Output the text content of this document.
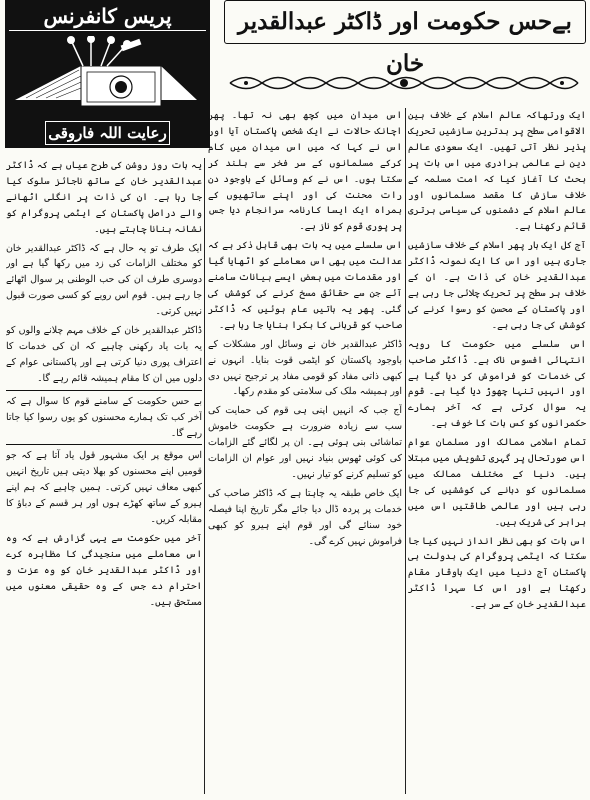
پریس کانفرنس
رعایت اللہ فاروقی
بےحس حکومت اور ڈاکٹر عبدالقدیر خان

ایک ورتھاکہ عالم اسلام کے خلاف بین الاقوامی سطح پر بدترین سازشیں تحریک پذیر نظر آتی تھیں۔ ایک سعودی عالم دین نے عالمی برادری میں اس بات پر بحث کا آغاز کیا کہ امت مسلمہ کے خلاف سازش کا مقصد مسلمانوں اور عالم اسلام کے دشمنوں کی سیاسی برتری قائم رکھنا ہے۔

آج کل ایک بار پھر اسلام کے خلاف سازشیں جاری ہیں اور اس کا ایک نمونہ ڈاکٹر عبدالقدیر خان کی ذات ہے۔ ان کے خلاف ہر سطح پر تحریک چلائی جا رہی ہے اور پاکستان کے محسن کو رسوا کرنے کی کوشش کی جا رہی ہے۔

اس سلسلے میں حکومت کا رویہ انتہائی افسوس ناک ہے۔ ڈاکٹر صاحب کی خدمات کو فراموش کر دیا گیا ہے اور انہیں تنہا چھوڑ دیا گیا ہے۔ قوم یہ سوال کرتی ہے کہ آخر ہمارے حکمرانوں کو کس بات کا خوف ہے۔

تمام اسلامی ممالک اور مسلمان عوام اس صورتحال پر گہری تشویش میں مبتلا ہیں۔ دنیا کے مختلف ممالک میں مسلمانوں کو دبانے کی کوششیں کی جا رہی ہیں اور عالمی طاقتیں اس میں برابر کی شریک ہیں۔

اس بات کو بھی نظر انداز نہیں کیا جا سکتا کہ ایٹمی پروگرام کی بدولت ہی پاکستان آج دنیا میں ایک باوقار مقام رکھتا ہے اور اس کا سہرا ڈاکٹر عبدالقدیر خان کے سر ہے۔

اس میدان میں کچھ بھی نہ تھا۔ پھر اچانک حالات نے ایک شخص پاکستان آیا اور اس نے کہا کہ میں اس میدان میں کام کرکے مسلمانوں کے سر فخر سے بلند کر سکتا ہوں۔ اس نے کم وسائل کے باوجود دن رات محنت کی اور اپنے ساتھیوں کے ہمراہ ایک ایسا کارنامہ سرانجام دیا جس پر پوری قوم کو ناز ہے۔

اس سلسلے میں یہ بات بھی قابل ذکر ہے کہ عدالت میں بھی اس معاملے کو اٹھایا گیا اور مقدمات میں بعض ایسے بیانات سامنے آئے جن سے حقائق مسخ کرنے کی کوشش کی گئی۔ پھر یہ باتیں عام ہوئیں کہ ڈاکٹر صاحب کو قربانی کا بکرا بنایا جا رہا ہے۔

ڈاکٹر عبدالقدیر خان نے وسائل اور مشکلات کے باوجود پاکستان کو ایٹمی قوت بنایا۔ انہوں نے کبھی ذاتی مفاد کو قومی مفاد پر ترجیح نہیں دی اور ہمیشہ ملک کی سلامتی کو مقدم رکھا۔

آج جب کہ انہیں اپنی ہی قوم کی حمایت کی سب سے زیادہ ضرورت ہے حکومت خاموش تماشائی بنی ہوئی ہے۔ ان پر لگائے گئے الزامات کی کوئی ٹھوس بنیاد نہیں اور عوام ان الزامات کو تسلیم کرنے کو تیار نہیں۔

ایک خاص طبقہ یہ چاہتا ہے کہ ڈاکٹر صاحب کی خدمات پر پردہ ڈال دیا جائے مگر تاریخ اپنا فیصلہ خود سنائے گی اور قوم اپنے ہیرو کو کبھی فراموش نہیں کرے گی۔

یہ بات روز روشن کی طرح عیاں ہے کہ ڈاکٹر عبدالقدیر خان کے ساتھ ناجائز سلوک کیا جا رہا ہے۔ ان کی ذات پر انگلی اٹھانے والے دراصل پاکستان کے ایٹمی پروگرام کو نشانہ بنانا چاہتے ہیں۔

ایک طرف تو یہ حال ہے کہ ڈاکٹر عبدالقدیر خان کو مختلف الزامات کی زد میں رکھا گیا ہے اور دوسری طرف ان کی حب الوطنی پر سوال اٹھائے جا رہے ہیں۔ قوم اس رویے کو کسی صورت قبول نہیں کرتی۔

ڈاکٹر عبدالقدیر خان کے خلاف مہم چلانے والوں کو یہ بات یاد رکھنی چاہیے کہ ان کی خدمات کا اعتراف پوری دنیا کرتی ہے اور پاکستانی عوام کے دلوں میں ان کا مقام ہمیشہ قائم رہے گا۔

بے حس حکومت کے سامنے قوم کا سوال ہے کہ آخر کب تک ہمارے محسنوں کو یوں رسوا کیا جاتا رہے گا۔

اس موقع پر ایک مشہور قول یاد آتا ہے کہ جو قومیں اپنے محسنوں کو بھلا دیتی ہیں تاریخ انہیں کبھی معاف نہیں کرتی۔ ہمیں چاہیے کہ ہم اپنے ہیرو کے ساتھ کھڑے ہوں اور ہر قسم کے دباؤ کا مقابلہ کریں۔

آخر میں حکومت سے یہی گزارش ہے کہ وہ اس معاملے میں سنجیدگی کا مظاہرہ کرے اور ڈاکٹر عبدالقدیر خان کو وہ عزت و احترام دے جس کے وہ حقیقی معنوں میں مستحق ہیں۔
